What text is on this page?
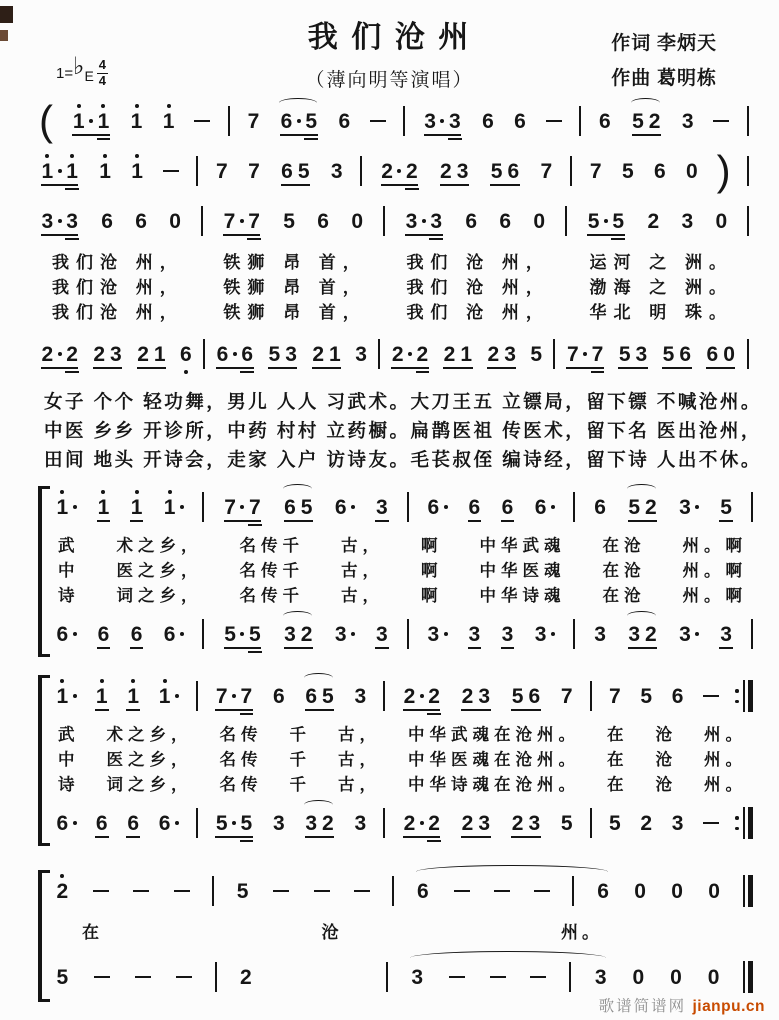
1= ♭ E
4
4
我 们 沧 州
（薄向明等演唱）
作词 李炳天
作曲 葛明栋
( 1 1 1 1	7 6 5 6	3 3 6 6	6 5 2 3
1 1 1 1	7 7 6 5 3 2 2 2 3 5 6 7 7 5 6 0 )
3 3 6 6 0 7 7 5 6 0 3 3 6 6 0 5 5 2 3 0
我们沧 州， 铁狮 昂 首， 我们 沧 州， 运河 之 洲。
我们沧 州， 铁狮 昂 首， 我们 沧 州， 渤海 之 洲。
我们沧 州， 铁狮 昂 首， 我们 沧 州， 华北 明 珠。
2 2 2 3 2 1 6 6 6 5 3 2 1 3 2 2 2 1 2 3 5 7 7 5 3 5 6 6 0
女子 个个 轻功舞，男儿 人人 习武术。大刀王五 立镖局，留下镖 不喊沧州。
中医 乡乡 开诊所，中药 村村 立药橱。扁鹊医祖 传医术，留下名 医出沧州，
田间 地头 开诗会，走家 入户 访诗友。毛苌叔侄 编诗经，留下诗 人出不休。
1 1 1 1 7 7 6 5 6 3 6 6 6 6 6 5 2 3 5
武 术之乡， 名传千 古， 啊 中华武魂 在沧 州。啊
中 医之乡， 名传千 古， 啊 中华医魂 在沧 州。啊
诗 词之乡， 名传千 古， 啊 中华诗魂 在沧 州。啊
6 6 6 6 5 5 3 2 3 3 3 3 3 3 3 3 2 3 3
1 1 1 1 7 7 6 6 5 3 2 2 2 3 5 6 7 7 5 6
武 术之乡， 名传 千 古， 中华武魂在沧州。 在 沧 州。
中 医之乡， 名传 千 古， 中华医魂在沧州。 在 沧 州。
诗 词之乡， 名传 千 古， 中华诗魂在沧州。 在 沧 州。
6 6 6 6 5 5 3 3 2 3 2 2 2 3 2 3 5 5 2 3
2	5	6	6 0 0 0
在	沧	州。
5	2	3	3 0 0 0
歌谱简谱网 jianpu.cn
